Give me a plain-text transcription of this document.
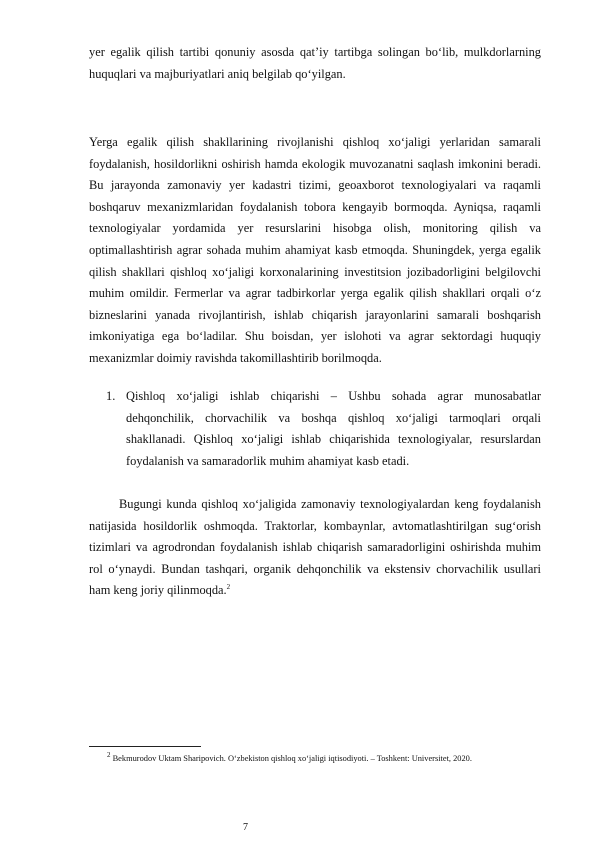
yer egalik qilish tartibi qonuniy asosda qat’iy tartibga solingan bo‘lib, mulkdorlarning huquqlari va majburiyatlari aniq belgilab qo‘yilgan.

Yerga egalik qilish shakllarining rivojlanishi qishloq xo‘jaligi yerlaridan samarali foydalanish, hosildorlikni oshirish hamda ekologik muvozanatni saqlash imkonini beradi. Bu jarayonda zamonaviy yer kadastri tizimi, geoaxborot texnologiyalari va raqamli boshqaruv mexanizmlaridan foydalanish tobora kengayib bormoqda. Ayniqsa, raqamli texnologiyalar yordamida yer resurslarini hisobga olish, monitoring qilish va optimallashtirish agrar sohada muhim ahamiyat kasb etmoqda. Shuningdek, yerga egalik qilish shakllari qishloq xo‘jaligi korxonalarining investitsion jozibadorligini belgilovchi muhim omildir. Fermerlar va agrar tadbirkorlar yerga egalik qilish shakllari orqali o‘z bizneslarini yanada rivojlantirish, ishlab chiqarish jarayonlarini samarali boshqarish imkoniyatiga ega bo‘ladilar. Shu boisdan, yer islohoti va agrar sektordagi huquqiy mexanizmlar doimiy ravishda takomillashtirib borilmoqda.

1. Qishloq xo‘jaligi ishlab chiqarishi – Ushbu sohada agrar munosabatlar dehqonchilik, chorvachilik va boshqa qishloq xo‘jaligi tarmoqlari orqali shakllanadi. Qishloq xo‘jaligi ishlab chiqarishida texnologiyalar, resurslardan foydalanish va samaradorlik muhim ahamiyat kasb etadi.

Bugungi kunda qishloq xo‘jaligida zamonaviy texnologiyalardan keng foydalanish natijasida hosildorlik oshmoqda. Traktorlar, kombaynlar, avtomatlashtirilgan sug‘orish tizimlari va agrodrondan foydalanish ishlab chiqarish samaradorligini oshirishda muhim rol o‘ynaydi. Bundan tashqari, organik dehqonchilik va ekstensiv chorvachilik usullari ham keng joriy qilinmoqda.$^2$

$^2$ Bekmurodov Uktam Sharipovich. O‘zbekiston qishloq xo‘jaligi iqtisodiyoti. – Toshkent: Universitet, 2020.
7
